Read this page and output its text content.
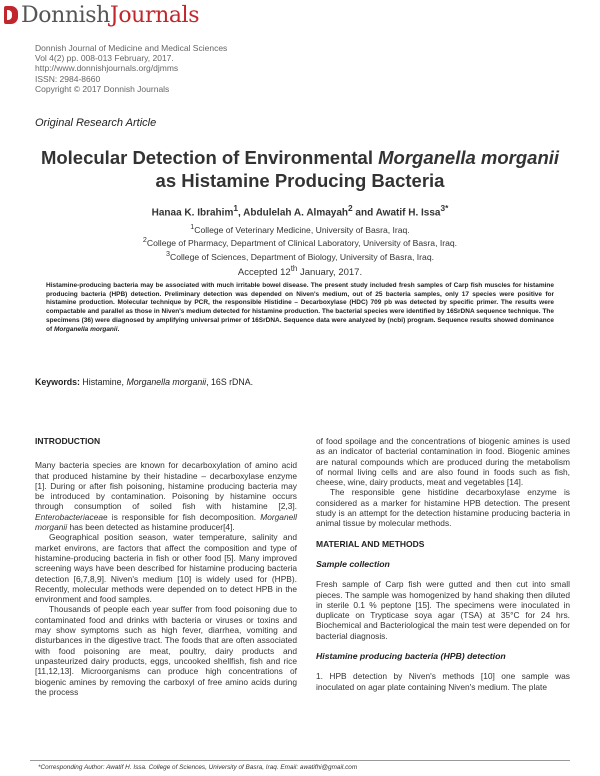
Donnish Journals
Donnish Journal of Medicine and Medical Sciences
Vol 4(2) pp. 008-013 February, 2017.
http://www.donnishjournals.org/djmms
ISSN: 2984-8660
Copyright © 2017 Donnish Journals
Original Research Article
Molecular Detection of Environmental Morganella morganii as Histamine Producing Bacteria
Hanaa K. Ibrahim$^1$, Abdulelah A. Almayah$^2$ and Awatif H. Issa$^{3*}$
$^1$College of Veterinary Medicine, University of Basra, Iraq.
$^2$College of Pharmacy, Department of Clinical Laboratory, University of Basra, Iraq.
$^3$College of Sciences, Department of Biology, University of Basra, Iraq.
Accepted 12th January, 2017.
Histamine-producing bacteria may be associated with much irritable bowel disease. The present study included fresh samples of Carp fish muscles for histamine producing bacteria (HPB) detection. Preliminary detection was depended on Niven's medium, out of 25 bacteria samples, only 17 species were positive for histamine production. Molecular technique by PCR, the responsible Histidine – Decarboxylase (HDC) 709 pb was detected by specific primer. The results were compactable and parallel as those in Niven's medium detected for histamine production. The bacterial species were identified by 16SrDNA sequence technique. The specimens (36) were diagnosed by amplifying universal primer of 16SrDNA. Sequence data were analyzed by (ncbi) program. Sequence results showed dominance of Morganella morganii.
Keywords: Histamine, Morganella morganii, 16S rDNA.
INTRODUCTION

Many bacteria species are known for decarboxylation of amino acid that produced histamine by their histadine – decarboxylase enzyme [1]. During or after fish poisoning, histamine producing bacteria may be introduced by contamination. Poisoning by histamine occurs through consumption of soiled fish with histamine [2,3]. Enterobacteriaceae is responsible for fish decomposition. Morganell morganii has been detected as histamine producer[4].

Geographical position season, water temperature, salinity and market environs, are factors that affect the composition and type of histamine-producing bacteria in fish or other food [5]. Many improved screening ways have been described for histamine producing bacteria detection [6,7,8,9]. Niven's medium [10] is widely used for (HPB). Recently, molecular methods were depended on to detect HPB in the environment and food samples.

Thousands of people each year suffer from food poisoning due to contaminated food and drinks with bacteria or viruses or toxins and may show symptoms such as high fever, diarrhea, vomiting and disturbances in the digestive tract. The foods that are often associated with food poisoning are meat, poultry, dairy products and unpasteurized dairy products, eggs, uncooked shellfish, fish and rice [11,12,13]. Microorganisms can produce high concentrations of biogenic amines by removing the carboxyl of free amino acids during the process

of food spoilage and the concentrations of biogenic amines is used as an indicator of bacterial contamination in food. Biogenic amines are natural compounds which are produced during the metabolism of normal living cells and are also found in foods such as fish, cheese, wine, dairy products, meat and vegetables [14].

The responsible gene histidine decarboxylase enzyme is considered as a marker for histamine HPB detection. The present study is an attempt for the detection histamine producing bacteria in animal tissue by molecular methods.

MATERIAL AND METHODS
Sample collection

Fresh sample of Carp fish were gutted and then cut into small pieces. The sample was homogenized by hand shaking then diluted in sterile 0.1 % peptone [15]. The specimens were inoculated in duplicate on Trypticase soya agar (TSA) at 35°C for 24 hrs. Biochemical and Bacteriological the main test were depended on for bacterial diagnosis.

Histamine producing bacteria (HPB) detection

1. HPB detection by Niven's methods [10] one sample was inoculated on agar plate containing Niven's medium. The plate

*Corresponding Author: Awatif H. Issa. College of Sciences, University of Basra, Iraq. Email: awatifhi@gmail.com
